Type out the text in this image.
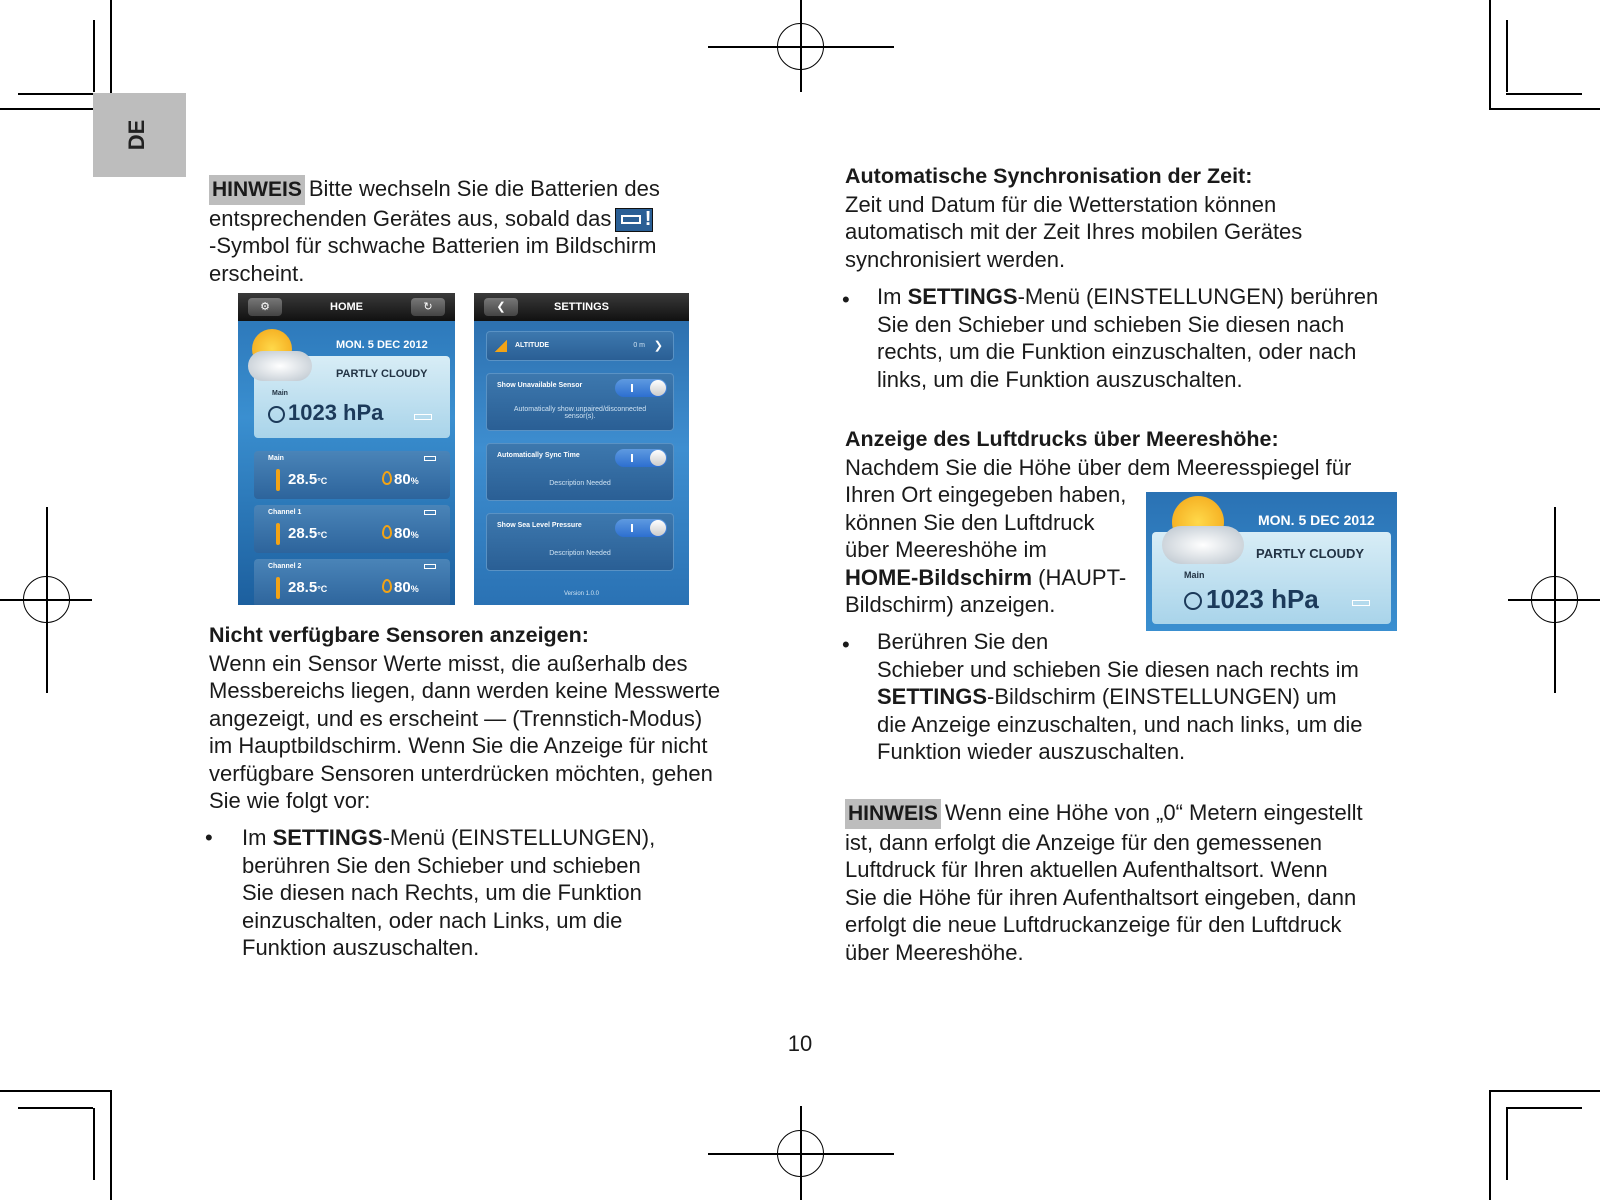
DE
HINWEIS Bitte wechseln Sie die Batterien des
entsprechenden Gerätes aus, sobald das!
-Symbol für schwache Batterien im Bildschirm
erscheint.
HOME
⚙	↻
MON. 5 DEC 2012
PARTLY CLOUDY
Main
1023 hPa
Main
28.5°C	80%
Channel 1
28.5°C	80%
Channel 2
28.5°C	80%
SETTINGS
❮
ALTITUDE	0 m ❯
Show Unavailable Sensor
Automatically show unpaired/disconnected sensor(s).
Automatically Sync Time
Description Needed
Show Sea Level Pressure
Description Needed
Version 1.0.0
Nicht verfügbare Sensoren anzeigen:
Wenn ein Sensor Werte misst, die außerhalb des
Messbereichs liegen, dann werden keine Messwerte
angezeigt, und es erscheint — (Trennstich-Modus)
im Hauptbildschirm. Wenn Sie die Anzeige für nicht
verfügbare Sensoren unterdrücken möchten, gehen
Sie wie folgt vor:
• Im SETTINGS-Menü (EINSTELLUNGEN),
berühren Sie den Schieber und schieben
Sie diesen nach Rechts, um die Funktion
einzuschalten, oder nach Links, um die
Funktion auszuschalten.
Automatische Synchronisation der Zeit:
Zeit und Datum für die Wetterstation können
automatisch mit der Zeit Ihres mobilen Gerätes
synchronisiert werden.
• Im SETTINGS-Menü (EINSTELLUNGEN) berühren
Sie den Schieber und schieben Sie diesen nach
rechts, um die Funktion einzuschalten, oder nach
links, um die Funktion auszuschalten.
Anzeige des Luftdrucks über Meereshöhe:
Nachdem Sie die Höhe über dem Meeresspiegel für
Ihren Ort eingegeben haben,
können Sie den Luftdruck
über Meereshöhe im
HOME-Bildschirm (HAUPT-
Bildschirm) anzeigen.
MON. 5 DEC 2012
PARTLY CLOUDY
Main
1023 hPa
• Berühren Sie den
Schieber und schieben Sie diesen nach rechts im
SETTINGS-Bildschirm (EINSTELLUNGEN) um
die Anzeige einzuschalten, und nach links, um die
Funktion wieder auszuschalten.
HINWEIS Wenn eine Höhe von „0“ Metern eingestellt
ist, dann erfolgt die Anzeige für den gemessenen
Luftdruck für Ihren aktuellen Aufenthaltsort. Wenn
Sie die Höhe für ihren Aufenthaltsort eingeben, dann
erfolgt die neue Luftdruckanzeige für den Luftdruck
über Meereshöhe.
10
